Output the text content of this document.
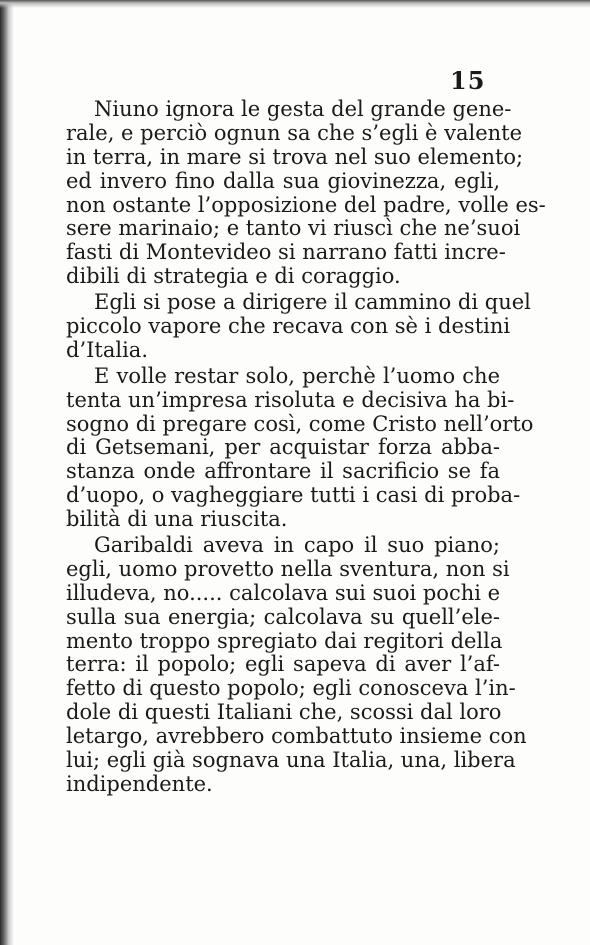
15
Niuno ignora le gesta del grande gene-
rale, e perciò ognun sa che s’egli è valente
in terra, in mare si trova nel suo elemento;
ed invero fino dalla sua giovinezza, egli,
non ostante l’opposizione del padre, volle es-
sere marinaio; e tanto vi riuscì che ne’suoi
fasti di Montevideo si narrano fatti incre-
dibili di strategia e di coraggio.
Egli si pose a dirigere il cammino di quel
piccolo vapore che recava con sè i destini
d’Italia.
E volle restar solo, perchè l’uomo che
tenta un’impresa risoluta e decisiva ha bi-
sogno di pregare così, come Cristo nell’orto
di Getsemani, per acquistar forza abba-
stanza onde affrontare il sacrificio se fa
d’uopo, o vagheggiare tutti i casi di proba-
bilità di una riuscita.
Garibaldi aveva in capo il suo piano;
egli, uomo provetto nella sventura, non si
illudeva, no..... calcolava sui suoi pochi e
sulla sua energia; calcolava su quell’ele-
mento troppo spregiato dai regitori della
terra: il popolo; egli sapeva di aver l’af-
fetto di questo popolo; egli conosceva l’in-
dole di questi Italiani che, scossi dal loro
letargo, avrebbero combattuto insieme con
lui; egli già sognava una Italia, una, libera
indipendente.
